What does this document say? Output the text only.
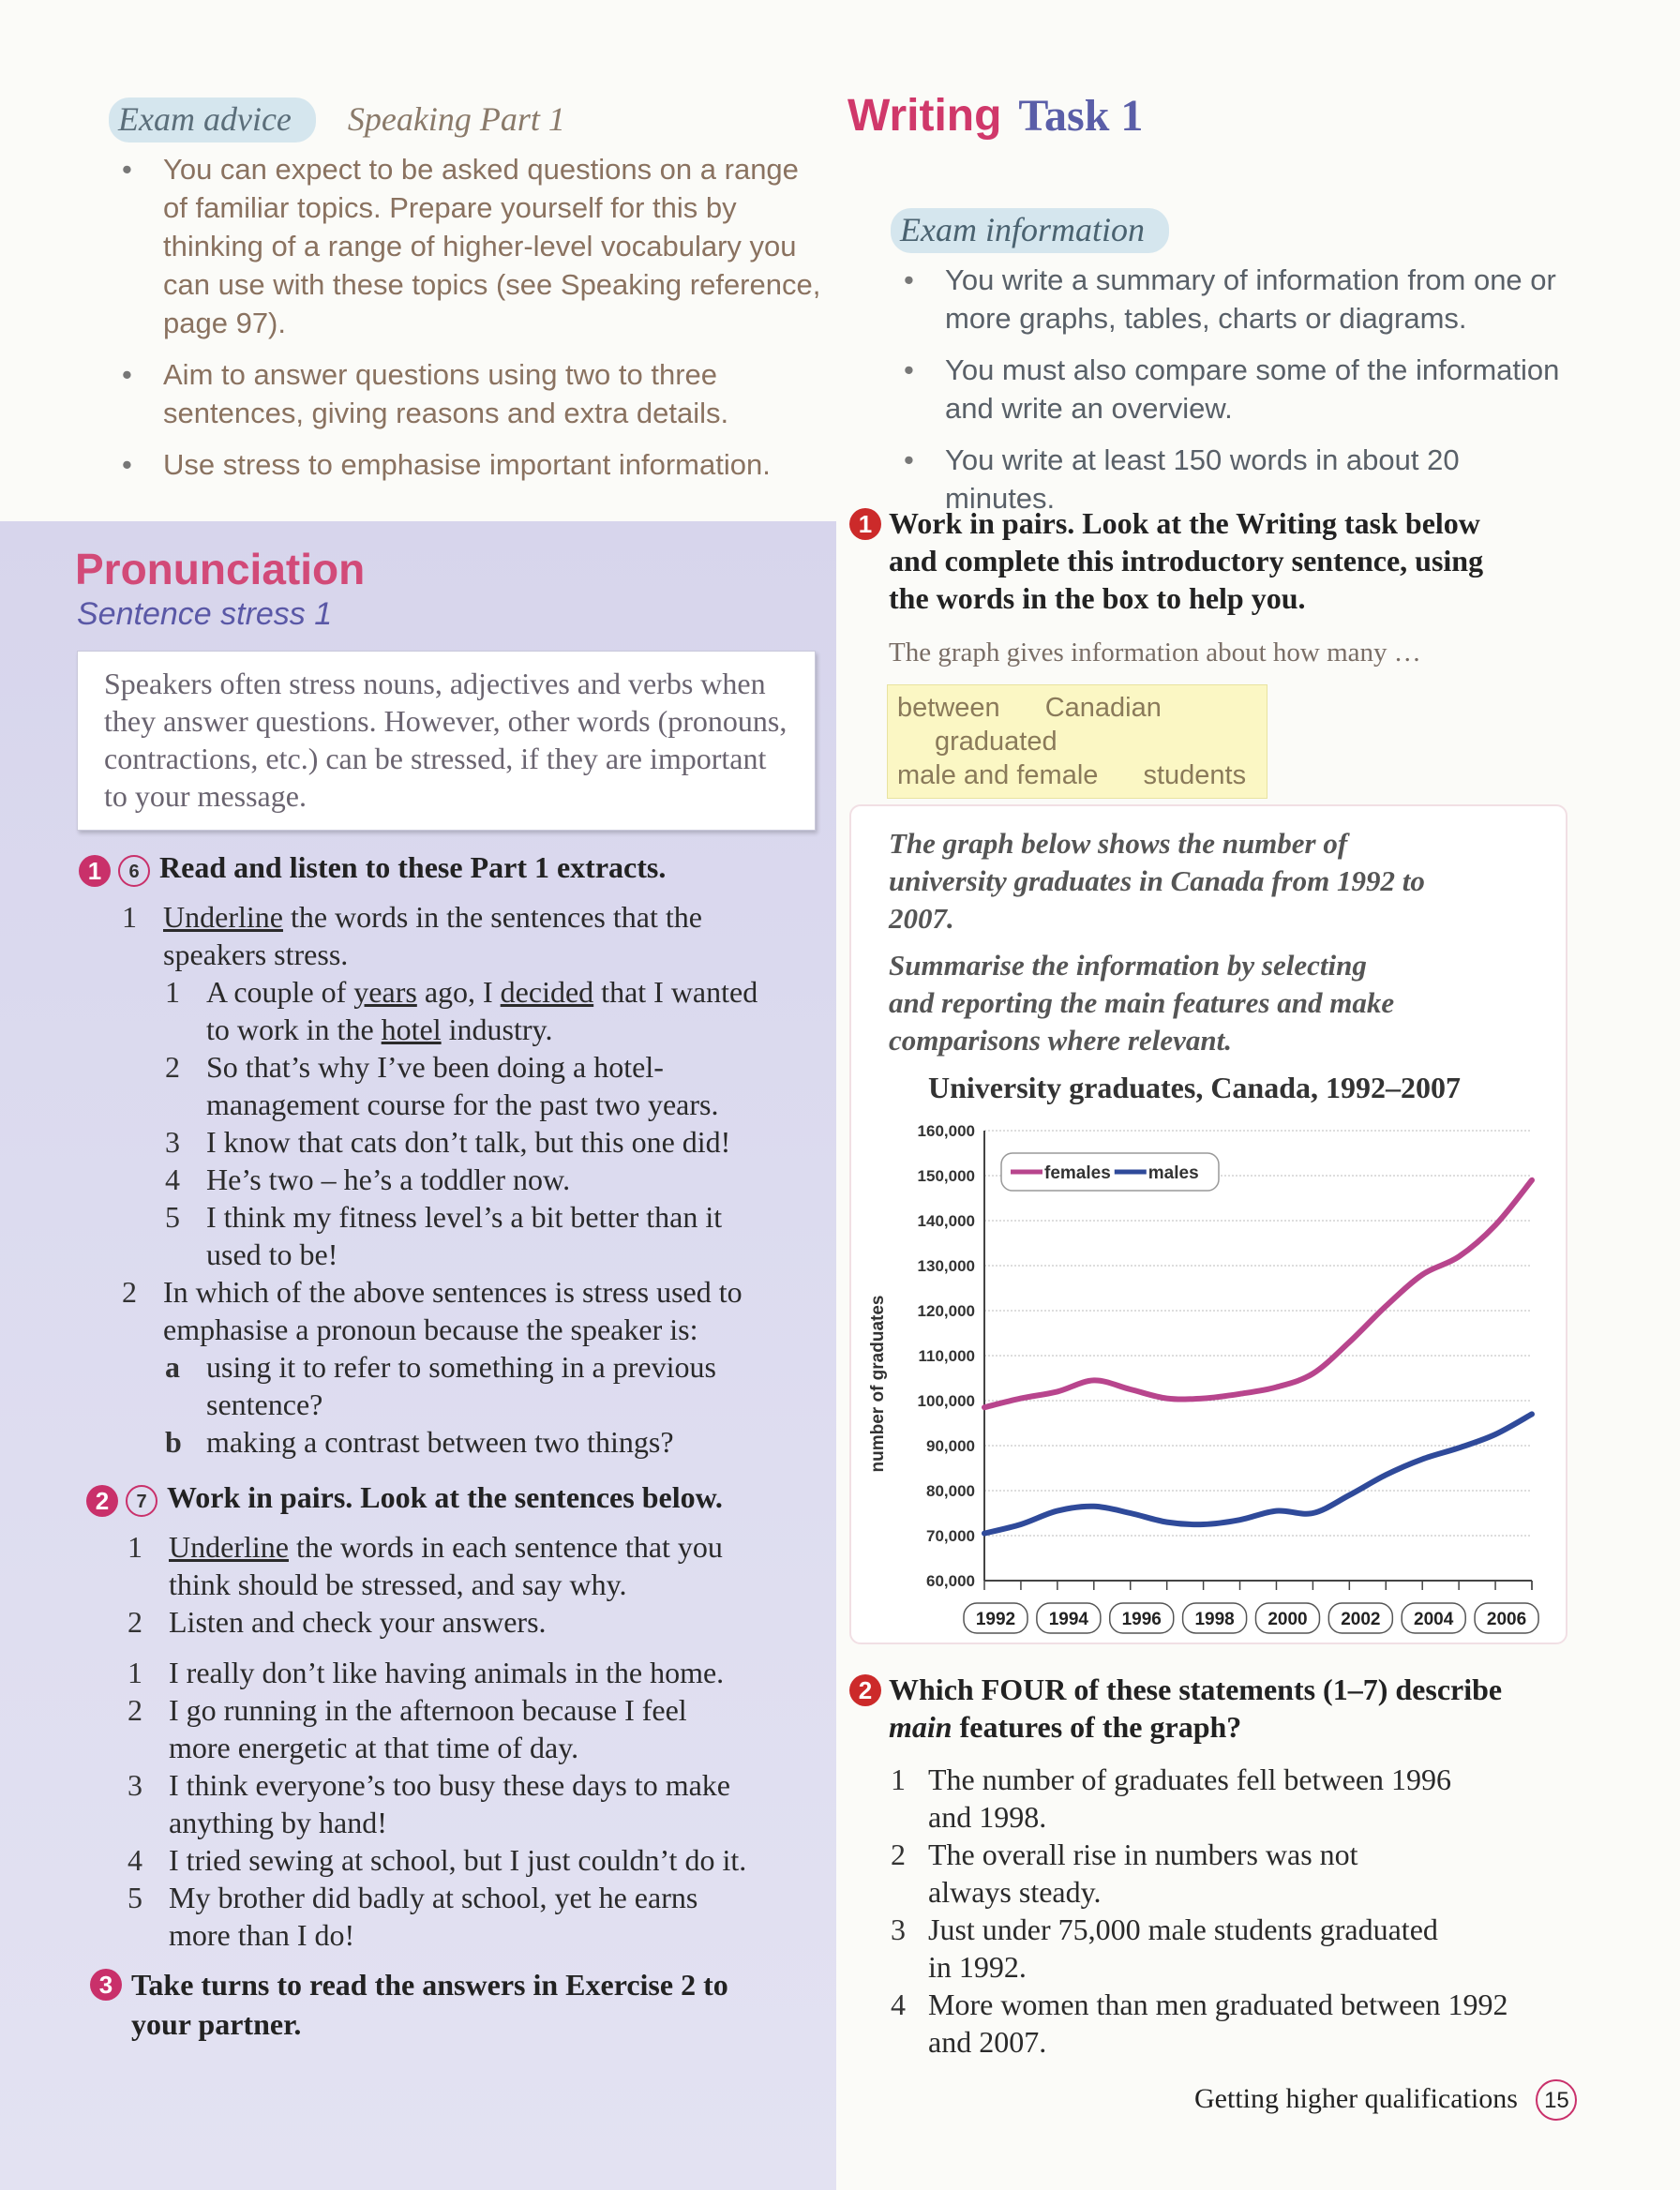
Exam advice Speaking Part 1
• You can expect to be asked questions on a range of familiar topics. Prepare yourself for this by thinking of a range of higher-level vocabulary you can use with these topics (see Speaking reference, page 97).
• Aim to answer questions using two to three sentences, giving reasons and extra details.
• Use stress to emphasise important information.
Pronunciation
Sentence stress 1
Speakers often stress nouns, adjectives and verbs when they answer questions. However, other words (pronouns, contractions, etc.) can be stressed, if they are important to your message.
1 6 Read and listen to these Part 1 extracts.
1 Underline the words in the sentences that the
speakers stress.
1 A couple of years ago, I decided that I wanted
to work in the hotel industry.
2 So that’s why I’ve been doing a hotel-
management course for the past two years.
3 I know that cats don’t talk, but this one did!
4 He’s two – he’s a toddler now.
5 I think my fitness level’s a bit better than it
used to be!
2 In which of the above sentences is stress used to
emphasise a pronoun because the speaker is:
a using it to refer to something in a previous
sentence?
b making a contrast between two things?
2 7 Work in pairs. Look at the sentences below.
1 Underline the words in each sentence that you
think should be stressed, and say why.
2 Listen and check your answers.
1 I really don’t like having animals in the home.
2 I go running in the afternoon because I feel
more energetic at that time of day.
3 I think everyone’s too busy these days to make
anything by hand!
4 I tried sewing at school, but I just couldn’t do it.
5 My brother did badly at school, yet he earns
more than I do!
3 Take turns to read the answers in Exercise 2 to
your partner.
Writing Task 1
Exam information
• You write a summary of information from one or more graphs, tables, charts or diagrams.
• You must also compare some of the information and write an overview.
• You write at least 150 words in about 20 minutes.
1 Work in pairs. Look at the Writing task below
and complete this introductory sentence, using
the words in the box to help you.
The graph gives information about how many …
between Canadian graduated
male and female students
The graph below shows the number of
university graduates in Canada from 1992 to
2007.
Summarise the information by selecting
and reporting the main features and make
comparisons where relevant.
University graduates, Canada, 1992–2007
60,000
70,000
80,000
90,000
100,000
110,000
120,000
130,000
140,000
150,000
160,000
1992 1994 1996 1998 2000 2002 2004 2006
females males
number of graduates
2 Which FOUR of these statements (1–7) describe
main features of the graph?
1 The number of graduates fell between 1996
and 1998.
2 The overall rise in numbers was not
always steady.
3 Just under 75,000 male students graduated
in 1992.
4 More women than men graduated between 1992
and 2007.
Getting higher qualifications 15
